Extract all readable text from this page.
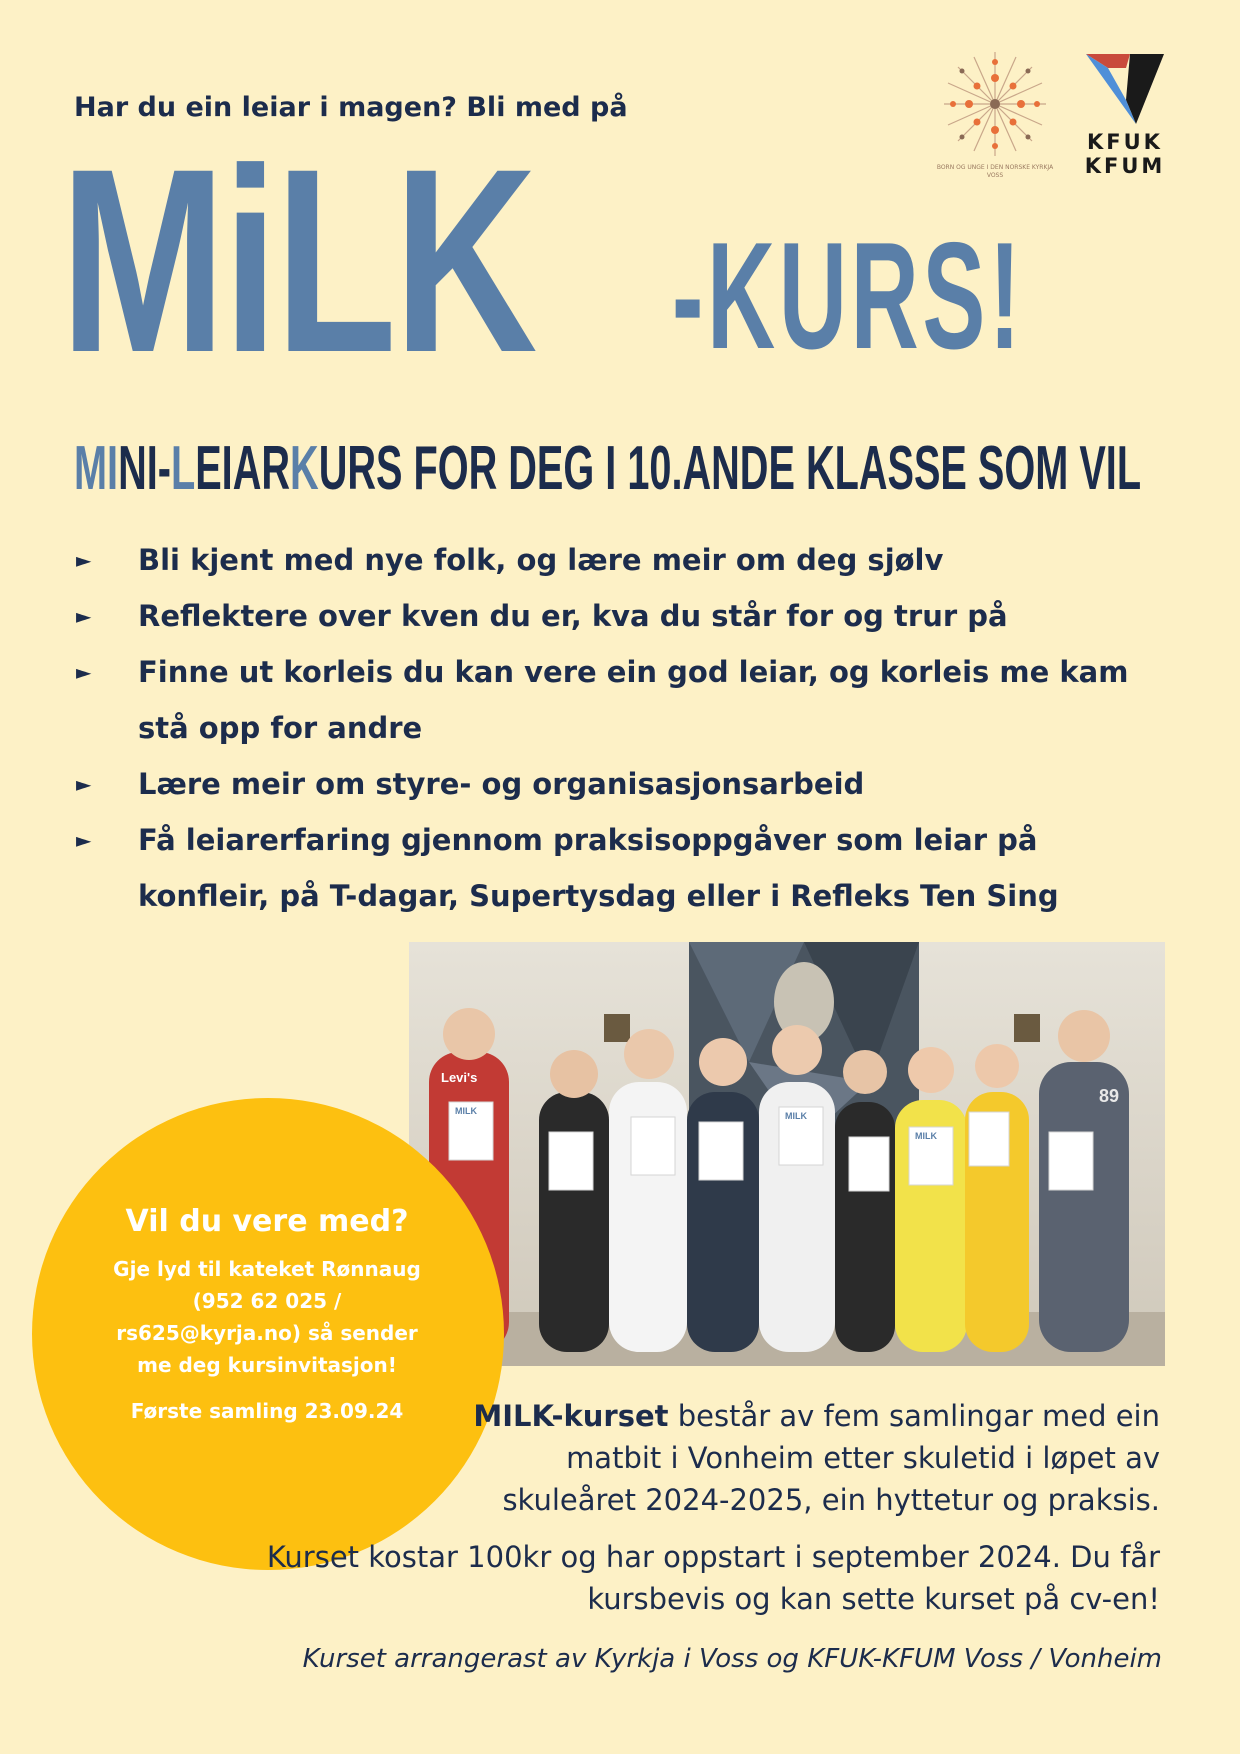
Har du ein leiar i magen? Bli med på
BORN OG UNGE I DEN NORSKE KYRKJA VOSS
KFUK
KFUM
MiLK -KURS!
MINI-LEIARKURS FOR DEG I 10.ANDE KLASSE SOM VIL
► Bli kjent med nye folk, og lære meir om deg sjølv
► Reflektere over kven du er, kva du står for og trur på
► Finne ut korleis du kan vere ein god leiar, og korleis me kam stå opp for andre
► Lære meir om styre- og organisasjonsarbeid
► Få leiarerfaring gjennom praksisoppgåver som leiar på konfleir, på T-dagar, Supertysdag eller i Refleks Ten Sing
MILK	MILK
MILK
Levi's
89
Vil du vere med?
Gje lyd til kateket Rønnaug (952 62 025 / rs625@kyrja.no) så sender me deg kursinvitasjon!
Første samling 23.09.24	MILK-kurset består av fem samlingar med ein matbit i Vonheim etter skuletid i løpet av skuleåret 2024-2025, ein hyttetur og praksis.
Kurset kostar 100kr og har oppstart i september 2024. Du får kursbevis og kan sette kurset på cv-en!
Kurset arrangerast av Kyrkja i Voss og KFUK-KFUM Voss / Vonheim
